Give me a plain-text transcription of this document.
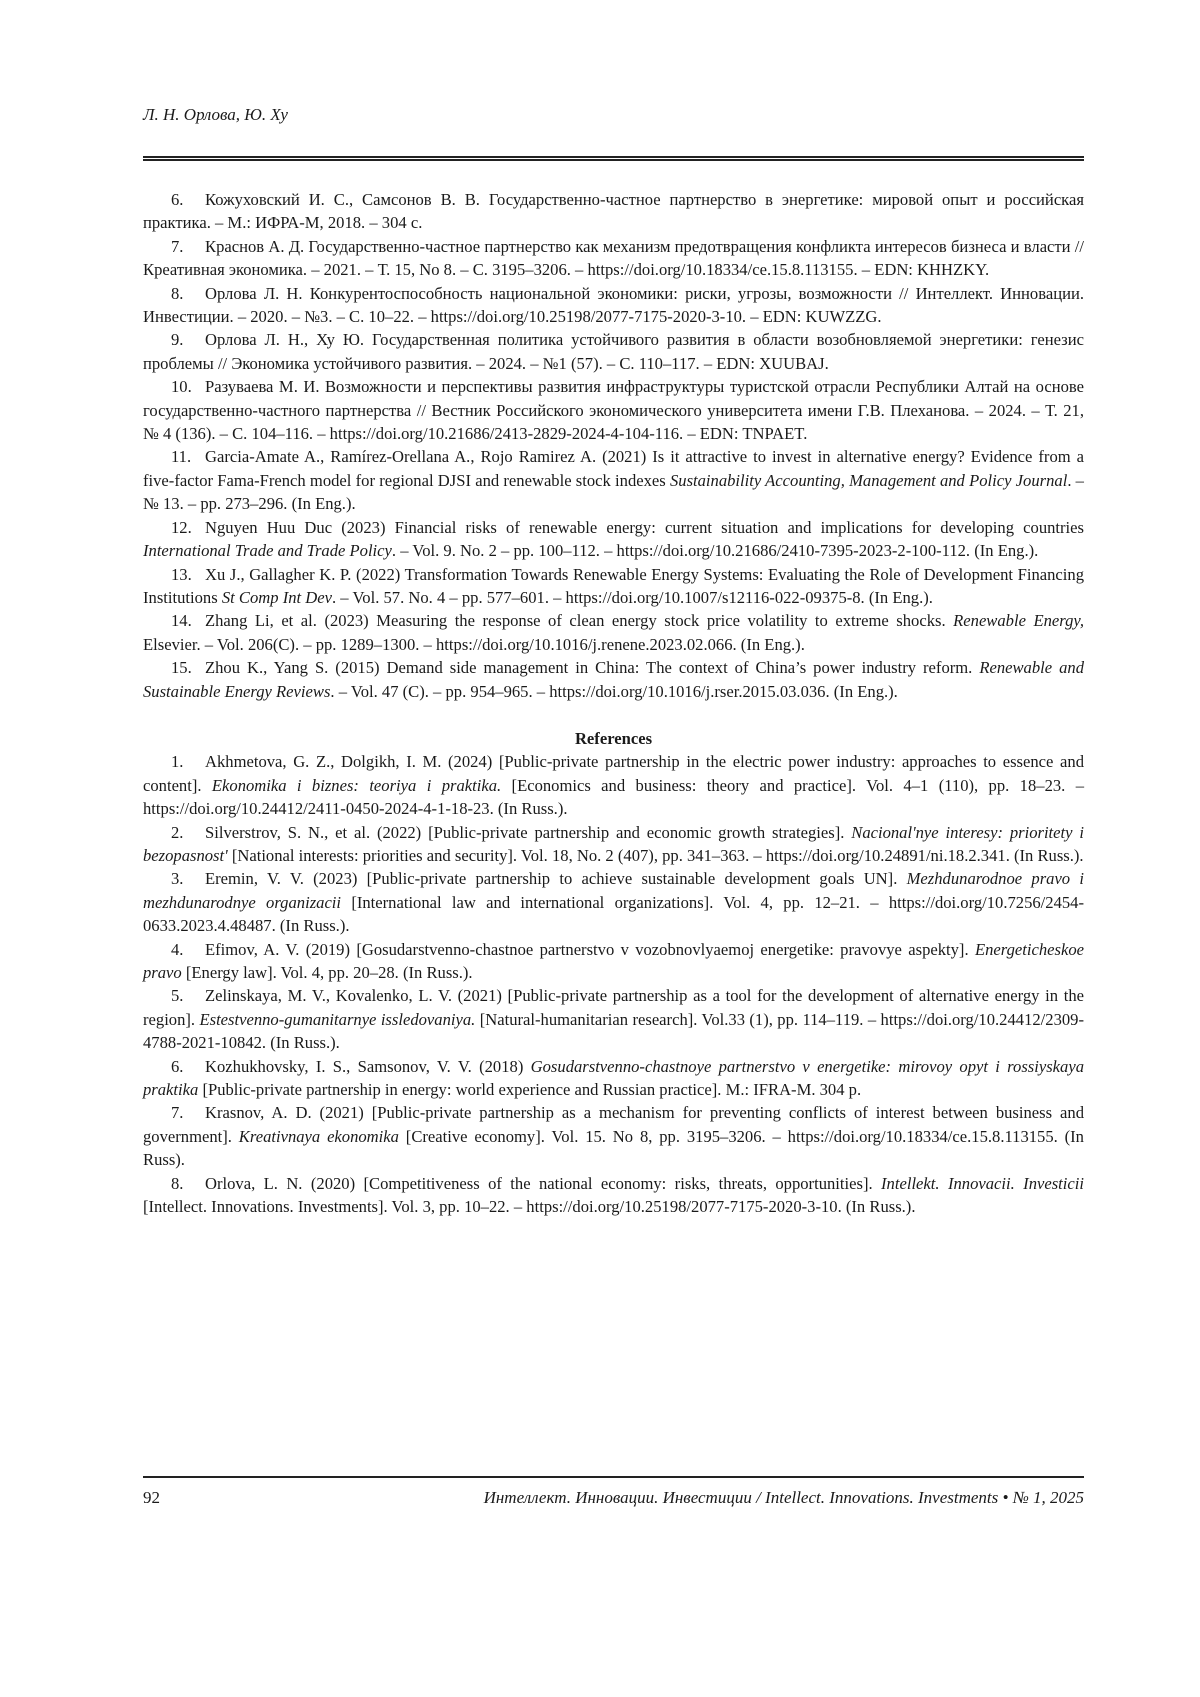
Л. Н. Орлова, Ю. Ху

6. Кожуховский И. С., Самсонов В. В. Государственно-частное партнерство в энергетике: мировой опыт и российская практика. – М.: ИФРА-М, 2018. – 304 с.

7. Краснов А. Д. Государственно-частное партнерство как механизм предотвращения конфликта интересов бизнеса и власти // Креативная экономика. – 2021. – Т. 15, No 8. – С. 3195–3206. – https://doi.org/10.18334/ce.15.8.113155. – EDN: KHHZKY.

8. Орлова Л. Н. Конкурентоспособность национальной экономики: риски, угрозы, возможности // Интеллект. Инновации. Инвестиции. – 2020. – №3. – С. 10–22. – https://doi.org/10.25198/2077-7175-2020-3-10. – EDN: KUWZZG.

9. Орлова Л. Н., Ху Ю. Государственная политика устойчивого развития в области возобновляемой энергетики: генезис проблемы // Экономика устойчивого развития. – 2024. – №1 (57). – С. 110–117. – EDN: XUUBAJ.

10. Разуваева М. И. Возможности и перспективы развития инфраструктуры туристской отрасли Республики Алтай на основе государственно-частного партнерства // Вестник Российского экономического университета имени Г.В. Плеханова. – 2024. – Т. 21, № 4 (136). – С. 104–116. – https://doi.org/10.21686/2413-2829-2024-4-104-116. – EDN: TNPAET.

11. Garcia-Amate A., Ramírez-Orellana A., Rojo Ramirez A. (2021) Is it attractive to invest in alternative energy? Evidence from a five-factor Fama-French model for regional DJSI and renewable stock indexes Sustainability Accounting, Management and Policy Journal. – № 13. – pp. 273–296. (In Eng.).

12. Nguyen Huu Duc (2023) Financial risks of renewable energy: current situation and implications for developing countries International Trade and Trade Policy. – Vol. 9. No. 2 – pp. 100–112. – https://doi.org/10.21686/2410-7395-2023-2-100-112. (In Eng.).

13. Xu J., Gallagher K. P. (2022) Transformation Towards Renewable Energy Systems: Evaluating the Role of Development Financing Institutions St Comp Int Dev. – Vol. 57. No. 4 – pp. 577–601. – https://doi.org/10.1007/s12116-022-09375-8. (In Eng.).

14. Zhang Li, et al. (2023) Measuring the response of clean energy stock price volatility to extreme shocks. Renewable Energy, Elsevier. – Vol. 206(C). – pp. 1289–1300. – https://doi.org/10.1016/j.renene.2023.02.066. (In Eng.).

15. Zhou K., Yang S. (2015) Demand side management in China: The context of China’s power industry reform. Renewable and Sustainable Energy Reviews. – Vol. 47 (C). – pp. 954–965. – https://doi.org/10.1016/j.rser.2015.03.036. (In Eng.).

References

1. Akhmetova, G. Z., Dolgikh, I. M. (2024) [Public-private partnership in the electric power industry: approaches to essence and content]. Ekonomika i biznes: teoriya i praktika. [Economics and business: theory and practice]. Vol. 4–1 (110), pp. 18–23. – https://doi.org/10.24412/2411-0450-2024-4-1-18-23. (In Russ.).

2. Silverstrov, S. N., et al. (2022) [Public-private partnership and economic growth strategies]. Nacional'nye interesy: prioritety i bezopasnost' [National interests: priorities and security]. Vol. 18, No. 2 (407), pp. 341–363. – https://doi.org/10.24891/ni.18.2.341. (In Russ.).

3. Eremin, V. V. (2023) [Public-private partnership to achieve sustainable development goals UN]. Mezhdunarodnoe pravo i mezhdunarodnye organizacii [International law and international organizations]. Vol. 4, pp. 12–21. – https://doi.org/10.7256/2454-0633.2023.4.48487. (In Russ.).

4. Efimov, A. V. (2019) [Gosudarstvenno-chastnoe partnerstvo v vozobnovlyaemoj energetike: pravovye aspekty]. Energeticheskoe pravo [Energy law]. Vol. 4, pp. 20–28. (In Russ.).

5. Zelinskaya, M. V., Kovalenko, L. V. (2021) [Public-private partnership as a tool for the development of alternative energy in the region]. Estestvenno-gumanitarnye issledovaniya. [Natural-humanitarian research]. Vol.33 (1), pp. 114–119. – https://doi.org/10.24412/2309-4788-2021-10842. (In Russ.).

6. Kozhukhovsky, I. S., Samsonov, V. V. (2018) Gosudarstvenno-chastnoye partnerstvo v energetike: mirovoy opyt i rossiyskaya praktika [Public-private partnership in energy: world experience and Russian practice]. M.: IFRA-M. 304 p.

7. Krasnov, A. D. (2021) [Public-private partnership as a mechanism for preventing conflicts of interest between business and government]. Kreativnaya ekonomika [Creative economy]. Vol. 15. No 8, pp. 3195–3206. – https://doi.org/10.18334/ce.15.8.113155. (In Russ).

8. Orlova, L. N. (2020) [Competitiveness of the national economy: risks, threats, opportunities]. Intellekt. Innovacii. Investicii [Intellect. Innovations. Investments]. Vol. 3, pp. 10–22. – https://doi.org/10.25198/2077-7175-2020-3-10. (In Russ.).

92	Интеллект. Инновации. Инвестиции / Intellect. Innovations. Investments • № 1, 2025
